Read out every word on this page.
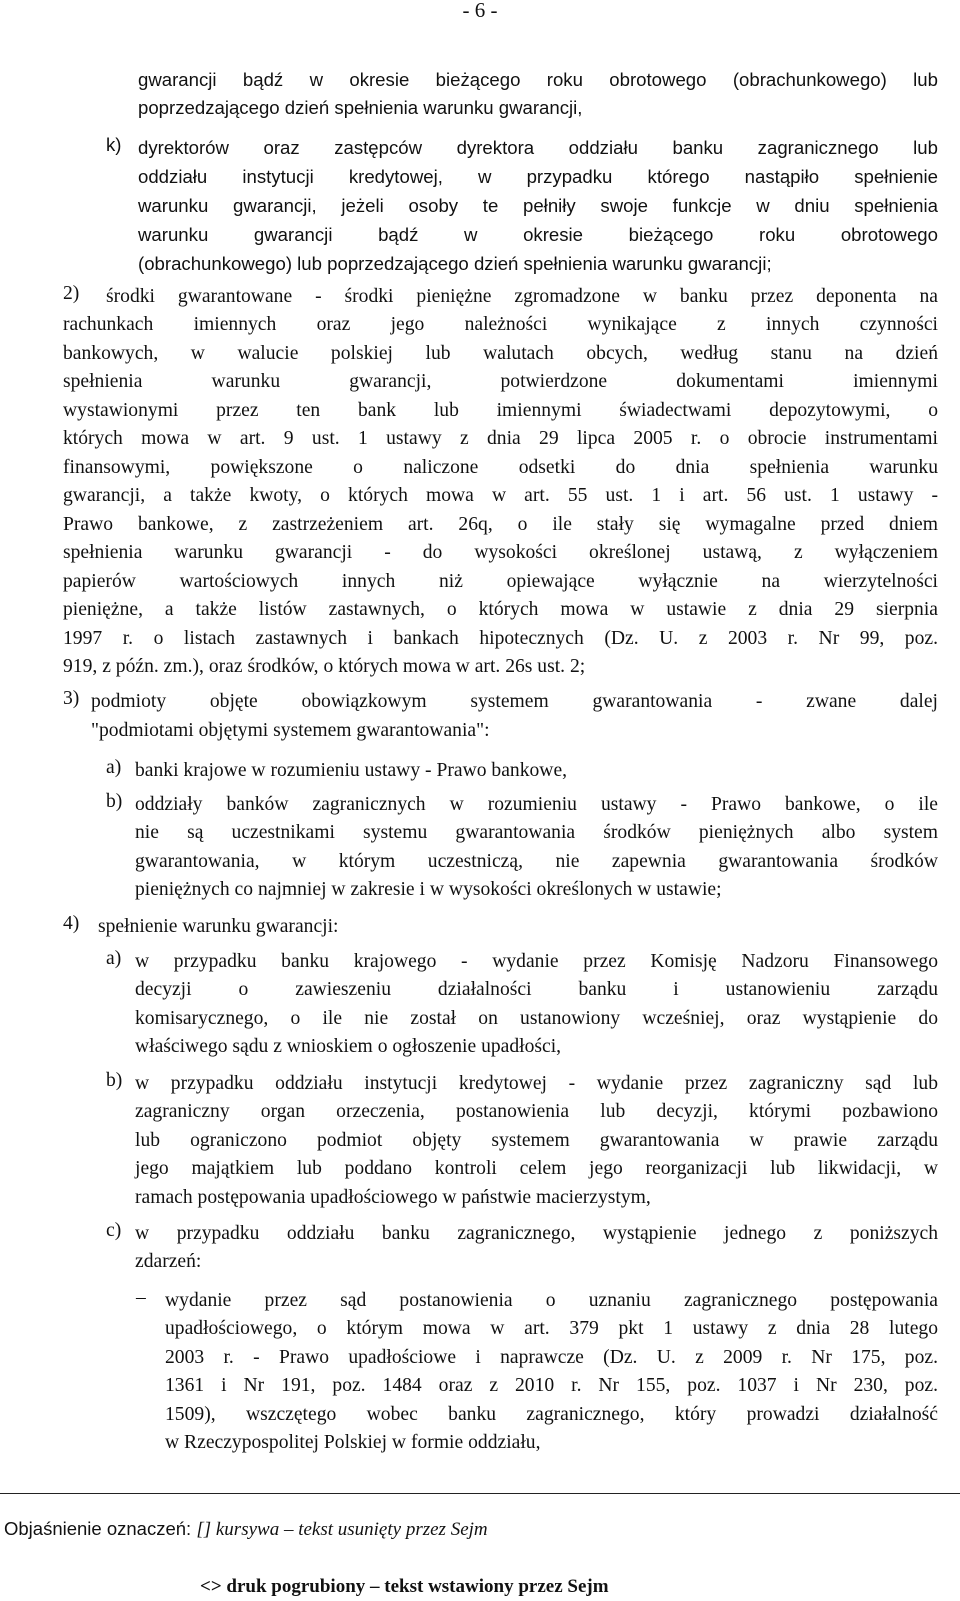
- 6 -
gwarancji bądź w okresie bieżącego roku obrotowego (obrachunkowego) lub
poprzedzającego dzień spełnienia warunku gwarancji,
k) dyrektorów oraz zastępców dyrektora oddziału banku zagranicznego lub
oddziału instytucji kredytowej, w przypadku którego nastąpiło spełnienie
warunku gwarancji, jeżeli osoby te pełniły swoje funkcje w dniu spełnienia
warunku gwarancji bądź w okresie bieżącego roku obrotowego
(obrachunkowego) lub poprzedzającego dzień spełnienia warunku gwarancji;
2) środki gwarantowane - środki pieniężne zgromadzone w banku przez deponenta na
rachunkach imiennych oraz jego należności wynikające z innych czynności
bankowych, w walucie polskiej lub walutach obcych, według stanu na dzień
spełnienia warunku gwarancji, potwierdzone dokumentami imiennymi
wystawionymi przez ten bank lub imiennymi świadectwami depozytowymi, o
których mowa w art. 9 ust. 1 ustawy z dnia 29 lipca 2005 r. o obrocie instrumentami
finansowymi, powiększone o naliczone odsetki do dnia spełnienia warunku
gwarancji, a także kwoty, o których mowa w art. 55 ust. 1 i art. 56 ust. 1 ustawy -
Prawo bankowe, z zastrzeżeniem art. 26q, o ile stały się wymagalne przed dniem
spełnienia warunku gwarancji - do wysokości określonej ustawą, z wyłączeniem
papierów wartościowych innych niż opiewające wyłącznie na wierzytelności
pieniężne, a także listów zastawnych, o których mowa w ustawie z dnia 29 sierpnia
1997 r. o listach zastawnych i bankach hipotecznych (Dz. U. z 2003 r. Nr 99, poz.
919, z późn. zm.), oraz środków, o których mowa w art. 26s ust. 2;
3) podmioty objęte obowiązkowym systemem gwarantowania - zwane dalej
"podmiotami objętymi systemem gwarantowania":
a) banki krajowe w rozumieniu ustawy - Prawo bankowe,
b) oddziały banków zagranicznych w rozumieniu ustawy - Prawo bankowe, o ile
nie są uczestnikami systemu gwarantowania środków pieniężnych albo system
gwarantowania, w którym uczestniczą, nie zapewnia gwarantowania środków
pieniężnych co najmniej w zakresie i w wysokości określonych w ustawie;
4) spełnienie warunku gwarancji:
a) w przypadku banku krajowego - wydanie przez Komisję Nadzoru Finansowego
decyzji o zawieszeniu działalności banku i ustanowieniu zarządu
komisarycznego, o ile nie został on ustanowiony wcześniej, oraz wystąpienie do
właściwego sądu z wnioskiem o ogłoszenie upadłości,
b) w przypadku oddziału instytucji kredytowej - wydanie przez zagraniczny sąd lub
zagraniczny organ orzeczenia, postanowienia lub decyzji, którymi pozbawiono
lub ograniczono podmiot objęty systemem gwarantowania w prawie zarządu
jego majątkiem lub poddano kontroli celem jego reorganizacji lub likwidacji, w
ramach postępowania upadłościowego w państwie macierzystym,
c) w przypadku oddziału banku zagranicznego, wystąpienie jednego z poniższych
zdarzeń:
– wydanie przez sąd postanowienia o uznaniu zagranicznego postępowania
upadłościowego, o którym mowa w art. 379 pkt 1 ustawy z dnia 28 lutego
2003 r. - Prawo upadłościowe i naprawcze (Dz. U. z 2009 r. Nr 175, poz.
1361 i Nr 191, poz. 1484 oraz z 2010 r. Nr 155, poz. 1037 i Nr 230, poz.
1509), wszczętego wobec banku zagranicznego, który prowadzi działalność
w Rzeczypospolitej Polskiej w formie oddziału,
Objaśnienie oznaczeń: [] kursywa – tekst usunięty przez Sejm
<> druk pogrubiony – tekst wstawiony przez Sejm
